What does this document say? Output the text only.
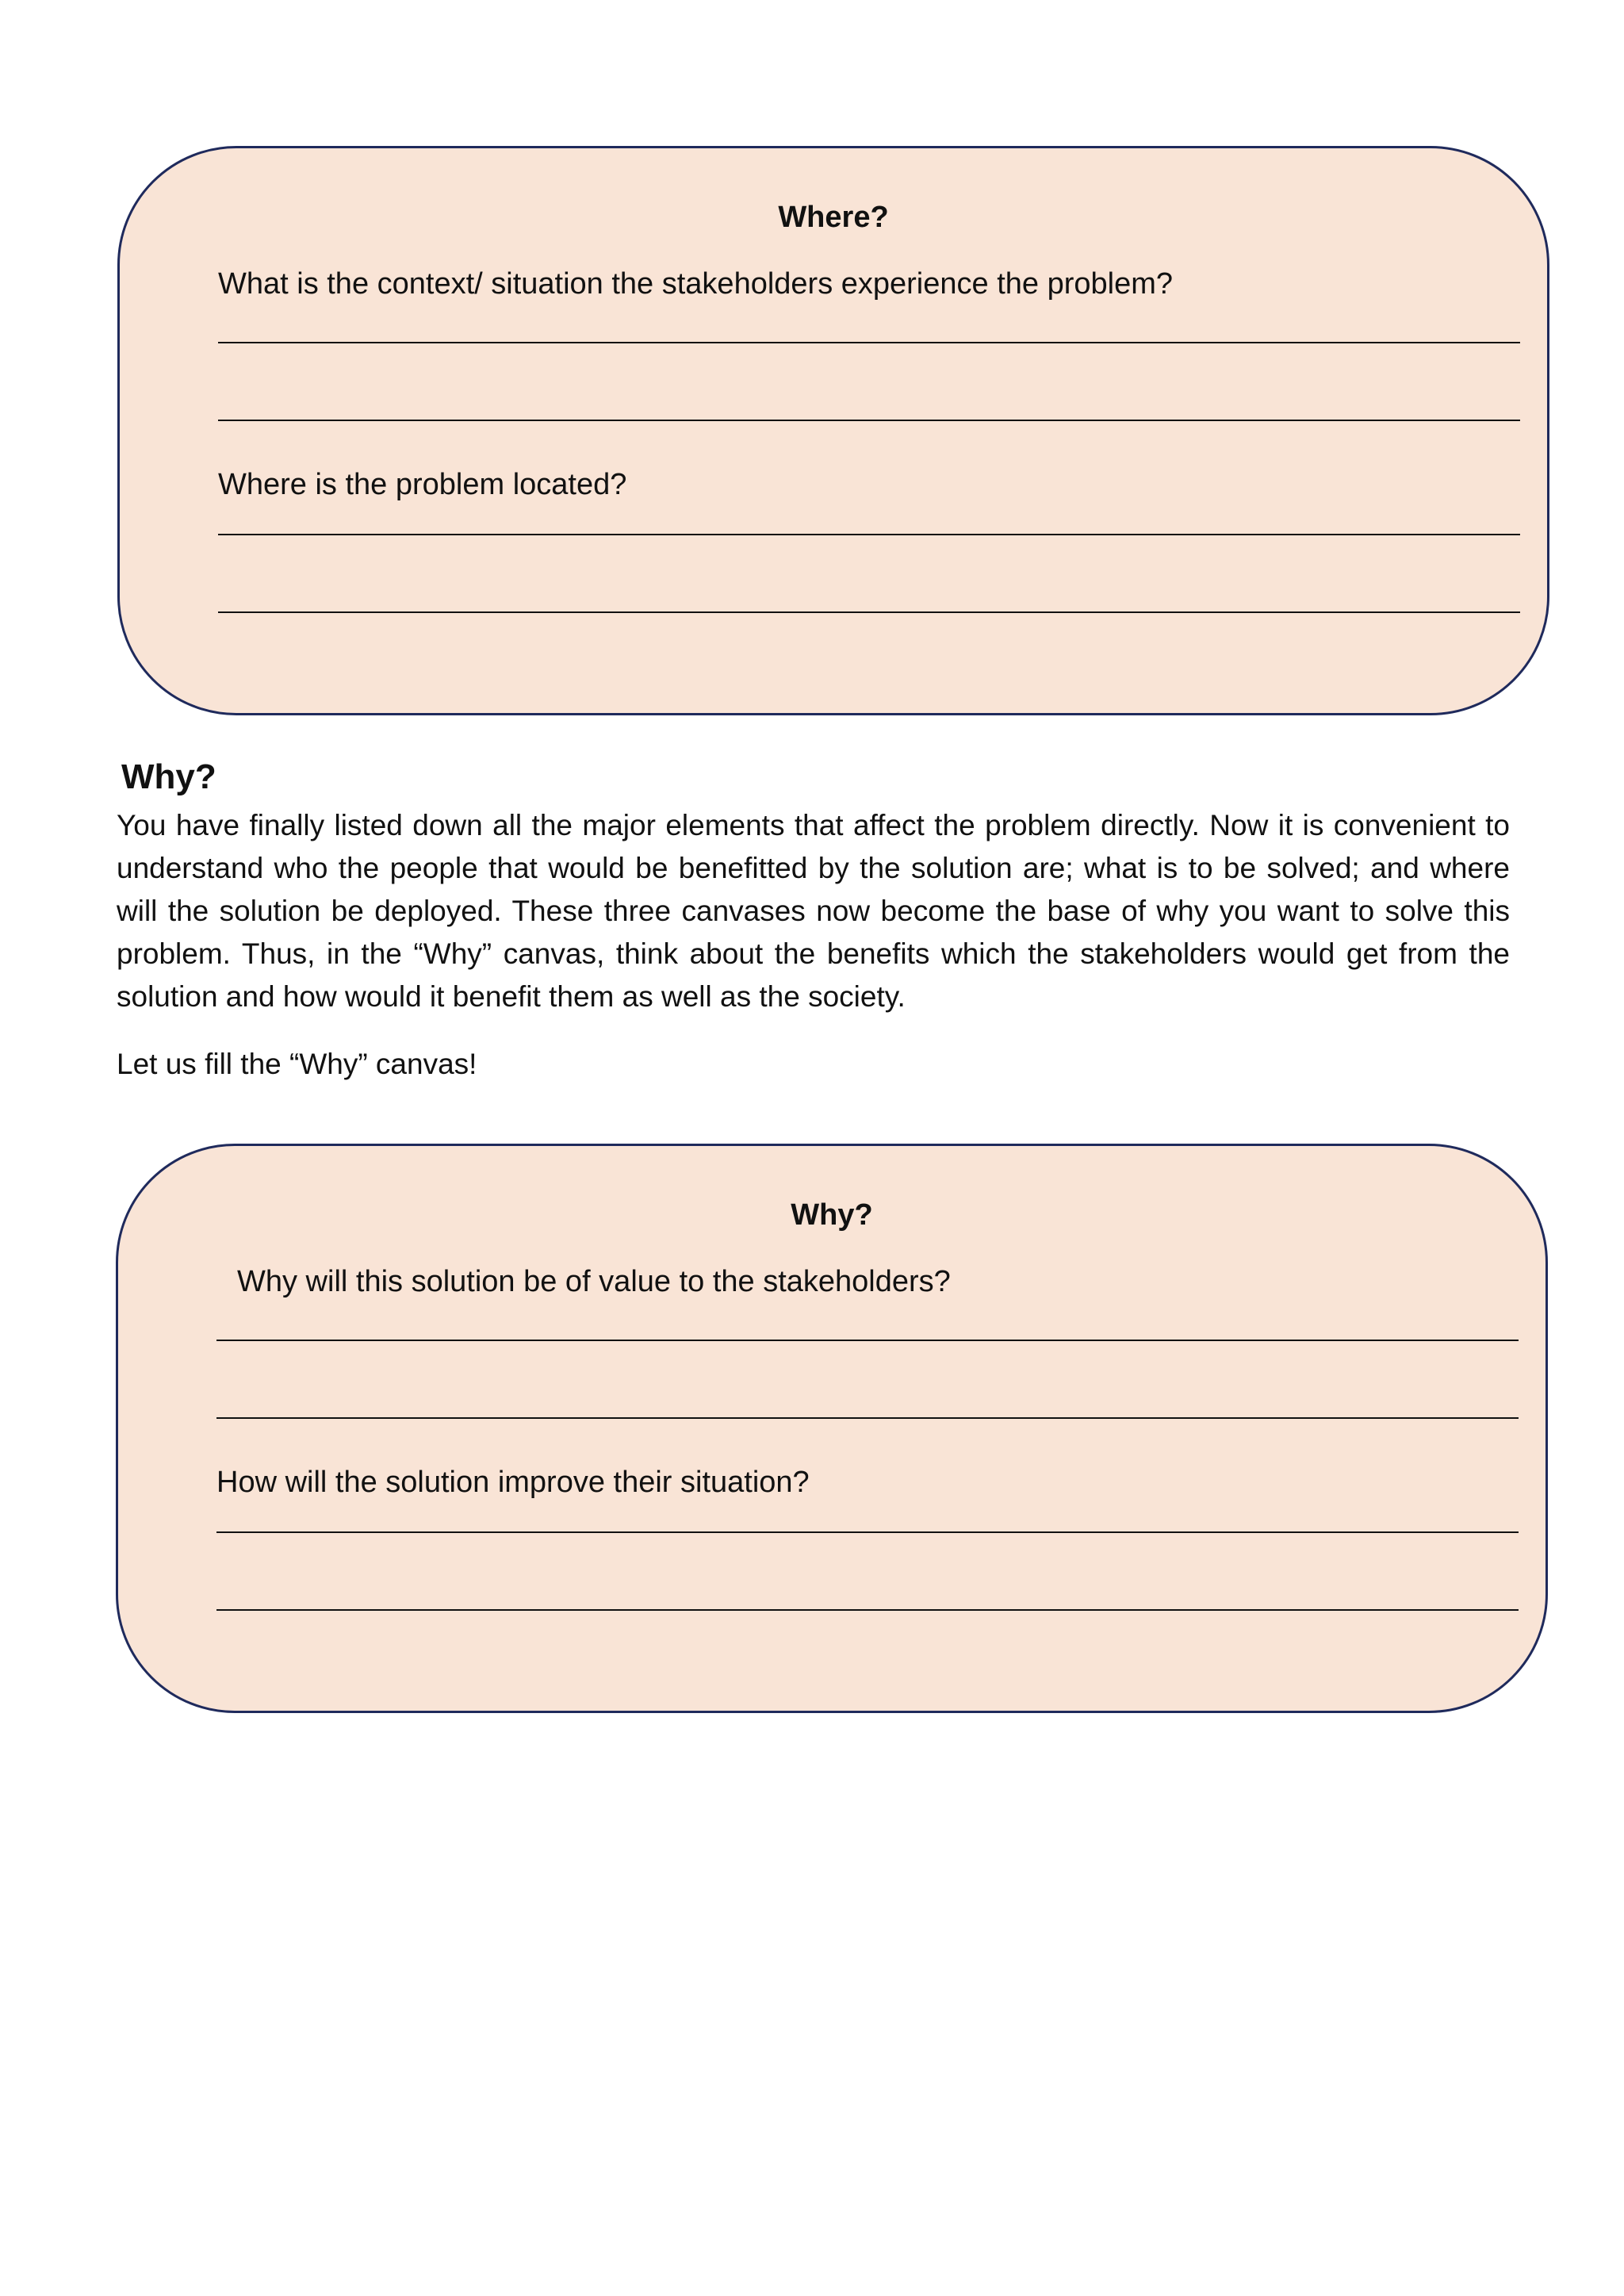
Where?
What is the context/ situation the stakeholders experience the problem?
Where is the problem located?
Why?

You have finally listed down all the major elements that affect the problem directly. Now it is convenient to understand who the people that would be benefitted by the solution are; what is to be solved; and where will the solution be deployed. These three canvases now become the base of why you want to solve this problem. Thus, in the “Why” canvas, think about the benefits which the stakeholders would get from the solution and how would it benefit them as well as the society.

Let us fill the “Why” canvas!

Why?
Why will this solution be of value to the stakeholders?
How will the solution improve their situation?
